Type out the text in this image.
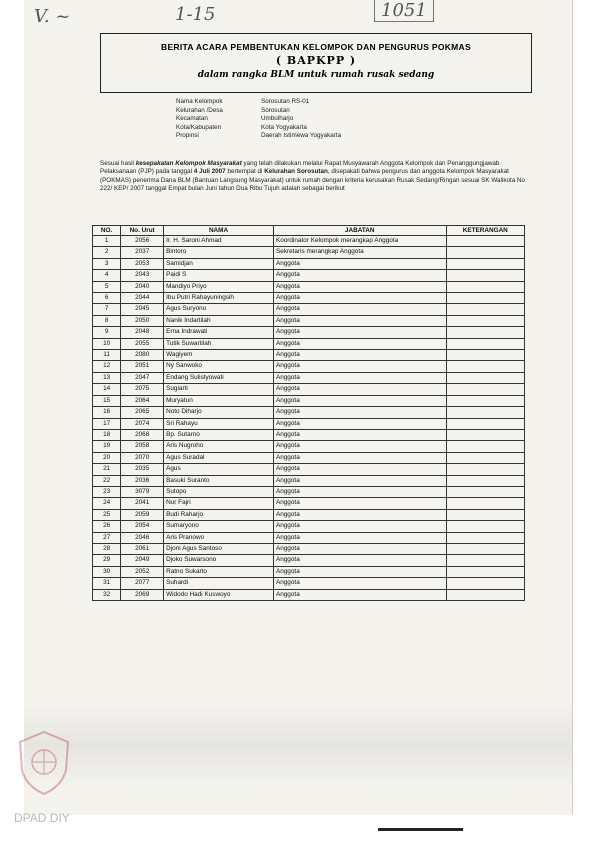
V. ~	1-15	1051
BERITA ACARA PEMBENTUKAN KELOMPOK DAN PENGURUS POKMAS
( BAPKPP )
dalam rangka BLM untuk rumah rusak sedang
Nama Kelompok	Sorosutan RS-01
Kelurahan /Desa	Sorosutan
Kecamatan	Umbulharjo
Kota/Kabupaten	Kota Yogyakarta
Propinsi	Daerah Istimewa Yogyakarta
Sesuai hasil kesepakatan Kelompok Masyarakat yang telah dilakukan melalui Rapat Musyawarah Anggota Kelompok dan Penanggungjawab Pelaksanaan (PJP) pada tanggal 4 Juli 2007 bertempat di Kelurahan Sorosutan, disepakati bahwa pengurus dan anggota Kelompok Masyarakat (POKMAS) penerima Dana BLM (Bantuan Langsung Masyarakat) untuk rumah dengan kriteria kerusakan Rusak Sedang/Ringan sesuai SK Walikota No 222/ KEP/ 2007 tanggal Empat bulan Juni tahun Dua Ribu Tujuh adalah sebagai berikut
NO.	No. Urut	NAMA	JABATAN	KETERANGAN
1	2056	Ir. H. Saroni Ahmad	Koordinator Kelompok merangkap Anggota	
2	2037	Bintoro	Sekretaris merangkap Anggota	
3	2053	Samidjan	Anggota	
4	2043	Paidi S	Anggota	
5	2040	Mandiyo Priyo	Anggota	
6	2044	Ibu Putri Rahayuningsih	Anggota	
7	2045	Agus Suryono	Anggota	
8	2050	Nanik Indartilah	Anggota	
9	2048	Erna Indrawati	Anggota	
10	2055	Tutik Suwartilah	Anggota	
11	2080	Wagiyem	Anggota	
12	2051	Ny Sanwoko	Anggota	
13	2047	Endang Sulistyowati	Anggota	
14	2075	Sugiarti	Anggota	
15	2064	Muryatun	Anggota	
16	2065	Noto Diharjo	Anggota	
17	2074	Sri Rahayu	Anggota	
18	2068	Bp. Sutarno	Anggota	
19	2058	Aris Nugroho	Anggota	
20	2070	Agus Suradal	Anggota	
21	2035	Agus	Anggota	
22	2036	Basuki Suranto	Anggota	
23	3079	Sutopo	Anggota	
24	2041	Nur Fajri	Anggota	
25	2059	Budi Raharjo	Anggota	
26	2054	Sumaryono	Anggota	
27	2046	Aris Pranowo	Anggota	
28	2061	Djoni Agus Santoso	Anggota	
29	2049	Djoko Suwarsono	Anggota	
30	2052	Ratno Sukarto	Anggota	
31	2077	Suhardi	Anggota	
32	2069	Widodo Hadi Kuswoyo	Anggota	
DPAD DIY
